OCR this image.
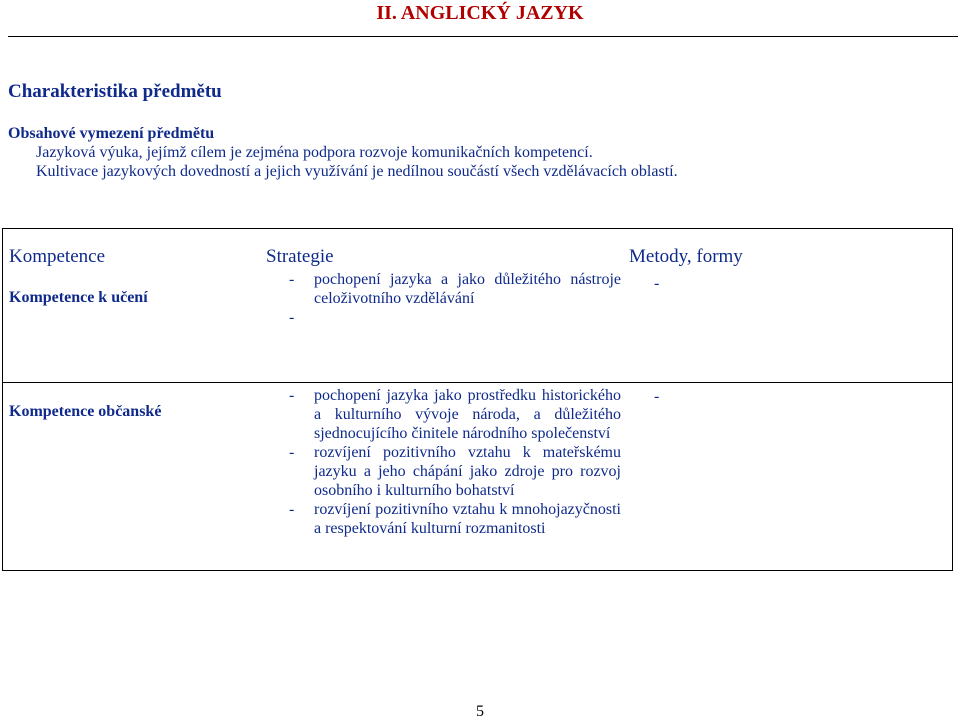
II. ANGLICKÝ JAZYK
Charakteristika předmětu
Obsahové vymezení předmětu
Jazyková výuka, jejímž cílem je zejména podpora rozvoje komunikačních kompetencí.
Kultivace jazykových dovedností a jejich využívání je nedílnou součástí všech vzdělávacích oblastí.
Kompetence	Strategie	Metody, formy
Kompetence k učení
- pochopení jazyka a jako důležitého nástroje celoživotního vzdělávání
-
-
Kompetence občanské
- pochopení jazyka jako prostředku historického a kulturního vývoje národa, a důležitého sjednocujícího činitele národního společenství
- rozvíjení pozitivního vztahu k mateřskému jazyku a jeho chápání jako zdroje pro rozvoj osobního i kulturního bohatství
- rozvíjení pozitivního vztahu k mnohojazyčnosti a respektování kulturní rozmanitosti
-
5
